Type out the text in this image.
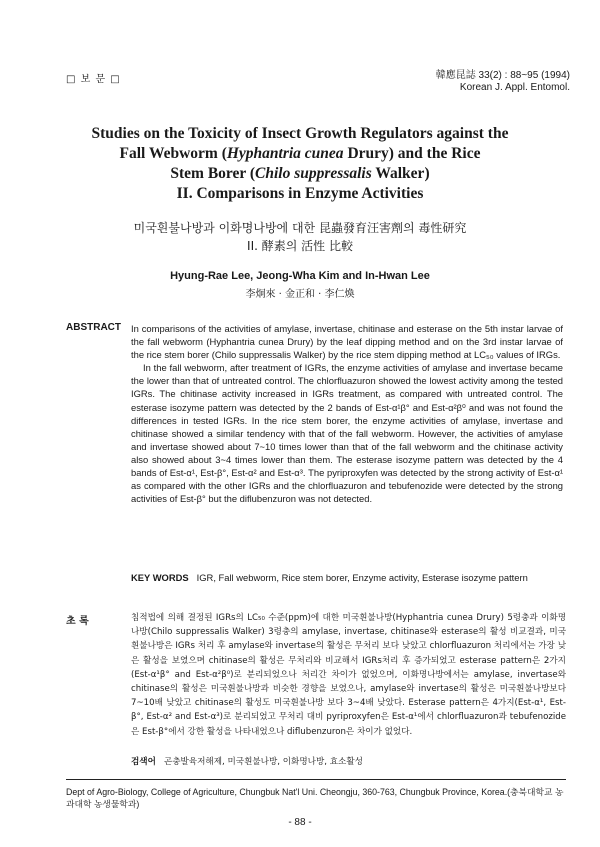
□ 보 문 □	韓應昆誌 33(2) : 88~95 (1994)
Korean J. Appl. Entomol.
Studies on the Toxicity of Insect Growth Regulators against the
Fall Webworm (Hyphantria cunea Drury) and the Rice
Stem Borer (Chilo suppressalis Walker)
II. Comparisons in Enzyme Activities
미국흰불나방과 이화명나방에 대한 昆蟲發育汪害劑의 毒性研究
II. 酵素의 活性 比較
Hyung-Rae Lee, Jeong-Wha Kim and In-Hwan Lee
李炯來 · 金正和 · 李仁煥
ABSTRACT In comparisons of the activities of amylase, invertase, chitinase and esterase on the 5th instar larvae of the fall webworm (Hyphantria cunea Drury) by the leaf dipping method and on the 3rd instar larvae of the rice stem borer (Chilo suppressalis Walker) by the rice stem dipping method at LC₅₀ values of IRGs.

In the fall webworm, after treatment of IGRs, the enzyme activities of amylase and invertase became the lower than that of untreated control. The chlorfluazuron showed the lowest activity among the tested IGRs. The chitinase activity increased in IGRs treatment, as compared with untreated control. The esterase isozyme pattern was detected by the 2 bands of Est-α¹β° and Est-α²β⁰ and was not found the differences in tested IGRs. In the rice stem borer, the enzyme activities of amylase, invertase and chitinase showed a similar tendency with that of the fall webworm. However, the activities of amylase and invertase showed about 7~10 times lower than that of the fall webworm and the chitinase activity also showed about 3~4 times lower than them. The esterase isozyme pattern was detected by the 4 bands of Est-α¹, Est-β°, Est-α² and Est-α³. The pyriproxyfen was detected by the strong activity of Est-α¹ as compared with the other IGRs and the chlorfluazuron and tebufenozide were detected by the strong activities of Est-β° but the diflubenzuron was not detected.

KEY WORDS IGR, Fall webworm, Rice stem borer, Enzyme activity, Esterase isozyme pattern
초 록	침적법에 의해 결정된 IGRs의 LC₅₀ 수준(ppm)에 대한 미국흰불나방(Hyphantria cunea Drury) 5령충과 이화명나방(Chilo suppressalis Walker) 3령충의 amylase, invertase, chitinase와 esterase의 활성 비교결과, 미국흰불나방은 IGRs 처리 후 amylase와 invertase의 활성은 무처리 보다 낮았고 chlorfluazuron 처리에서는 가장 낮은 활성을 보였으며 chitinase의 활성은 무처리와 비교해서 IGRs처리 후 증가되었고 esterase pattern은 2가지(Est-α¹β° and Est-α²β⁰)로 분리되었으나 처리간 차이가 없었으며, 이화명나방에서는 amylase, invertase와 chitinase의 활성은 미국흰불나방과 비슷한 경향을 보였으나, amylase와 invertase의 활성은 미국흰불나방보다 7~10배 낮았고 chitinase의 활성도 미국흰불나방 보다 3~4배 낮았다. Esterase pattern은 4가지(Est-α¹, Est-β°, Est-α² and Est-α³)로 분리되었고 무처리 대비 pyriproxyfen은 Est-α¹에서 chlorfluazuron과 tebufenozide은 Est-β°에서 강한 활성을 나타내었으나 diflubenzuron은 차이가 없었다.
검색어 곤충발육저해제, 미국흰불나방, 이화명나방, 효소활성
Dept of Agro-Biology, College of Agriculture, Chungbuk Nat'l Uni. Cheongju, 360-763, Chungbuk Province, Korea.(충북대학교 농과대학 농생물학과)
- 88 -
